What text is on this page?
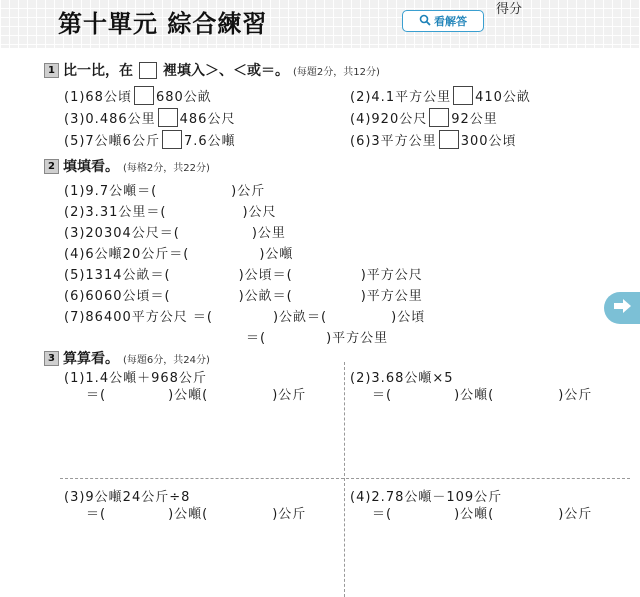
第十單元 綜合練習	看解答
得分
1 比一比，在 裡填入＞、＜或＝。 (每題2分，共12分)
(1)68公頃 680公畝	(2)4.1平方公里 410公畝
(3)0.486公里 486公尺	(4)920公尺 92公里
(5)7公噸6公斤 7.6公噸	(6)3平方公里 300公頃
2 填填看。 (每格2分，共22分)
(1)9.7公噸＝(	)公斤
(2)3.31公里＝(	)公尺
(3)20304公尺＝(	)公里
(4)6公噸20公斤＝(	)公噸
(5)1314公畝＝(	)公頃＝(	)平方公尺
(6)6060公頃＝(	)公畝＝(	)平方公里
(7)86400平方公尺 ＝(	)公畝＝(	)公頃
＝(	)平方公里
3 算算看。 (每題6分，共24分)
(1)1.4公噸＋968公斤
＝(	)公噸(	)公斤
(2)3.68公噸×5
＝(	)公噸(	)公斤
(3)9公噸24公斤÷8
＝(	)公噸(	)公斤
(4)2.78公噸－109公斤
＝(	)公噸(	)公斤
